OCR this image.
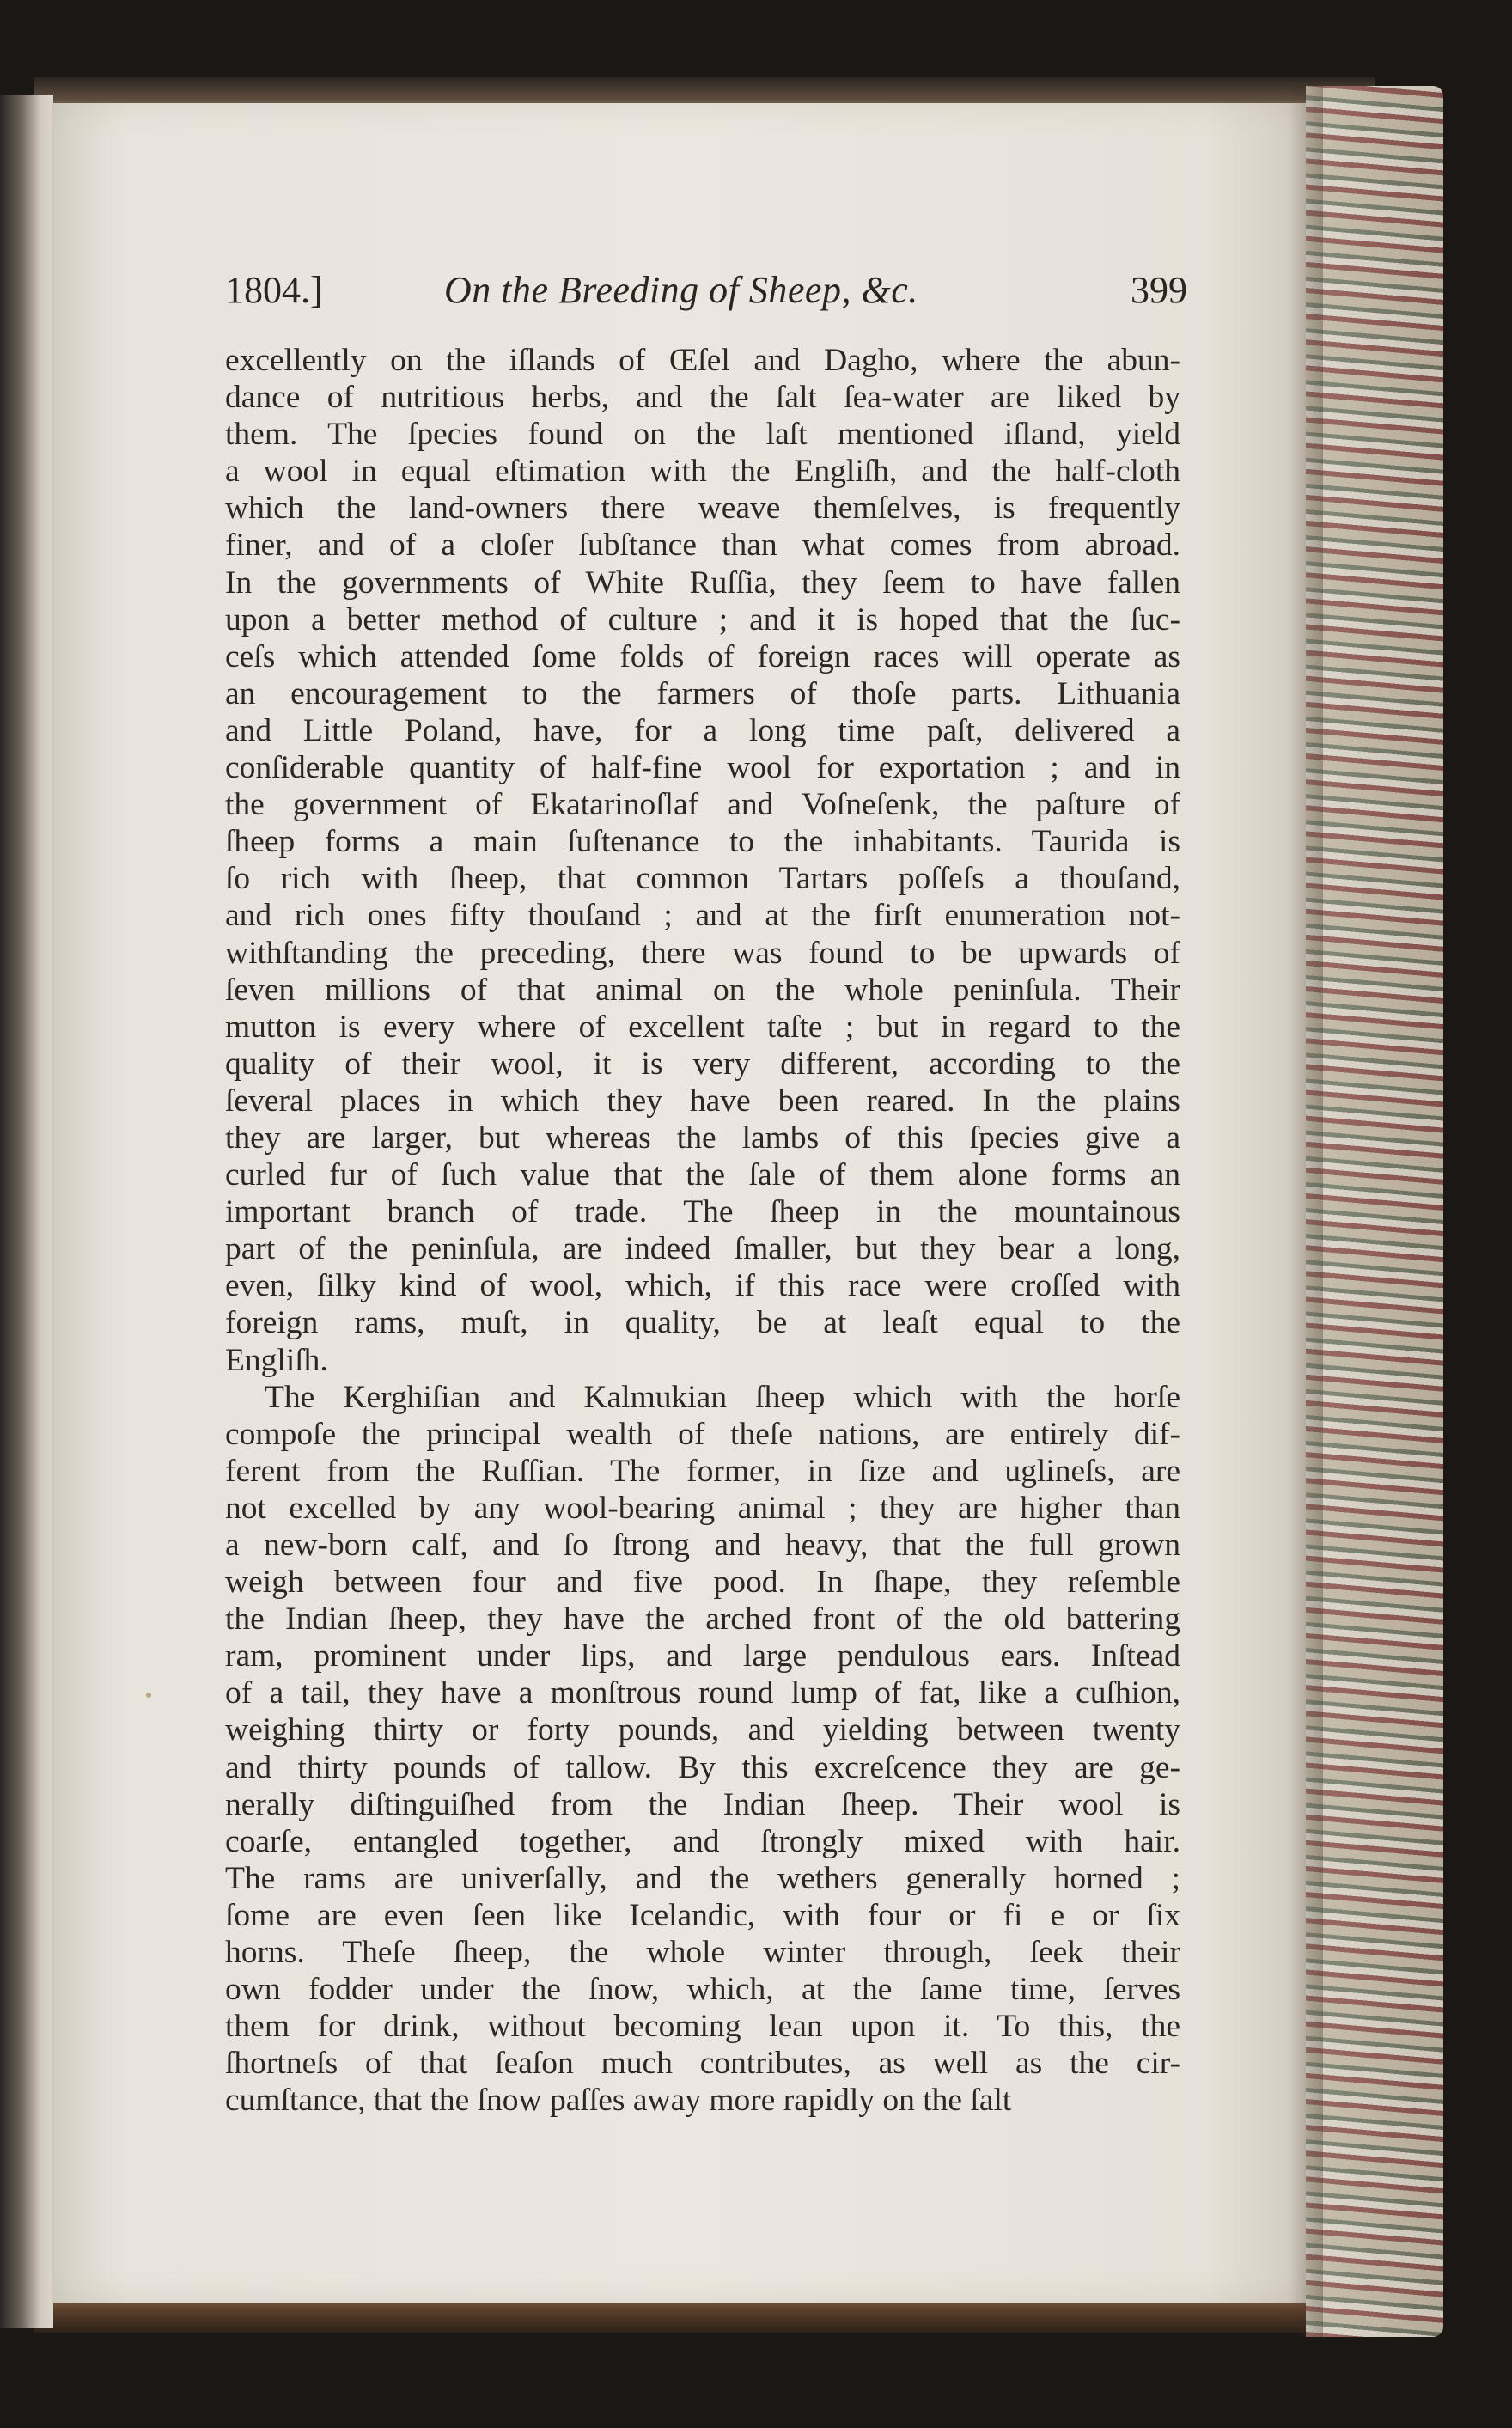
1804.]	On the Breeding of Sheep, &c.	399

excellently on the iſlands of Œſel and Dagho, where the abun-
dance of nutritious herbs, and the ſalt ſea-water are liked by
them. The ſpecies found on the laſt mentioned iſland, yield
a wool in equal eſtimation with the Engliſh, and the half-cloth
which the land-owners there weave themſelves, is frequently
finer, and of a cloſer ſubſtance than what comes from abroad.
In the governments of White Ruſſia, they ſeem to have fallen
upon a better method of culture ; and it is hoped that the ſuc-
ceſs which attended ſome folds of foreign races will operate as
an encouragement to the farmers of thoſe parts. Lithuania
and Little Poland, have, for a long time paſt, delivered a
conſiderable quantity of half-fine wool for exportation ; and in
the government of Ekatarinoſlaf and Voſneſenk, the paſture of
ſheep forms a main ſuſtenance to the inhabitants. Taurida is
ſo rich with ſheep, that common Tartars poſſeſs a thouſand,
and rich ones fifty thouſand ; and at the firſt enumeration not-
withſtanding the preceding, there was found to be upwards of
ſeven millions of that animal on the whole peninſula. Their
mutton is every where of excellent taſte ; but in regard to the
quality of their wool, it is very different, according to the
ſeveral places in which they have been reared. In the plains
they are larger, but whereas the lambs of this ſpecies give a
curled fur of ſuch value that the ſale of them alone forms an
important branch of trade. The ſheep in the mountainous
part of the peninſula, are indeed ſmaller, but they bear a long,
even, ſilky kind of wool, which, if this race were croſſed with
foreign rams, muſt, in quality, be at leaſt equal to the
Engliſh.

The Kerghiſian and Kalmukian ſheep which with the horſe
compoſe the principal wealth of theſe nations, are entirely dif-
ferent from the Ruſſian. The former, in ſize and uglineſs, are
not excelled by any wool-bearing animal ; they are higher than
a new-born calf, and ſo ſtrong and heavy, that the full grown
weigh between four and five pood. In ſhape, they reſemble
the Indian ſheep, they have the arched front of the old battering
ram, prominent under lips, and large pendulous ears. Inſtead
of a tail, they have a monſtrous round lump of fat, like a cuſhion,
weighing thirty or forty pounds, and yielding between twenty
and thirty pounds of tallow. By this excreſcence they are ge-
nerally diſtinguiſhed from the Indian ſheep. Their wool is
coarſe, entangled together, and ſtrongly mixed with hair.
The rams are univerſally, and the wethers generally horned ;
ſome are even ſeen like Icelandic, with four or fi e or ſix
horns. Theſe ſheep, the whole winter through, ſeek their
own fodder under the ſnow, which, at the ſame time, ſerves
them for drink, without becoming lean upon it. To this, the
ſhortneſs of that ſeaſon much contributes, as well as the cir-
cumſtance, that the ſnow paſſes away more rapidly on the ſalt
